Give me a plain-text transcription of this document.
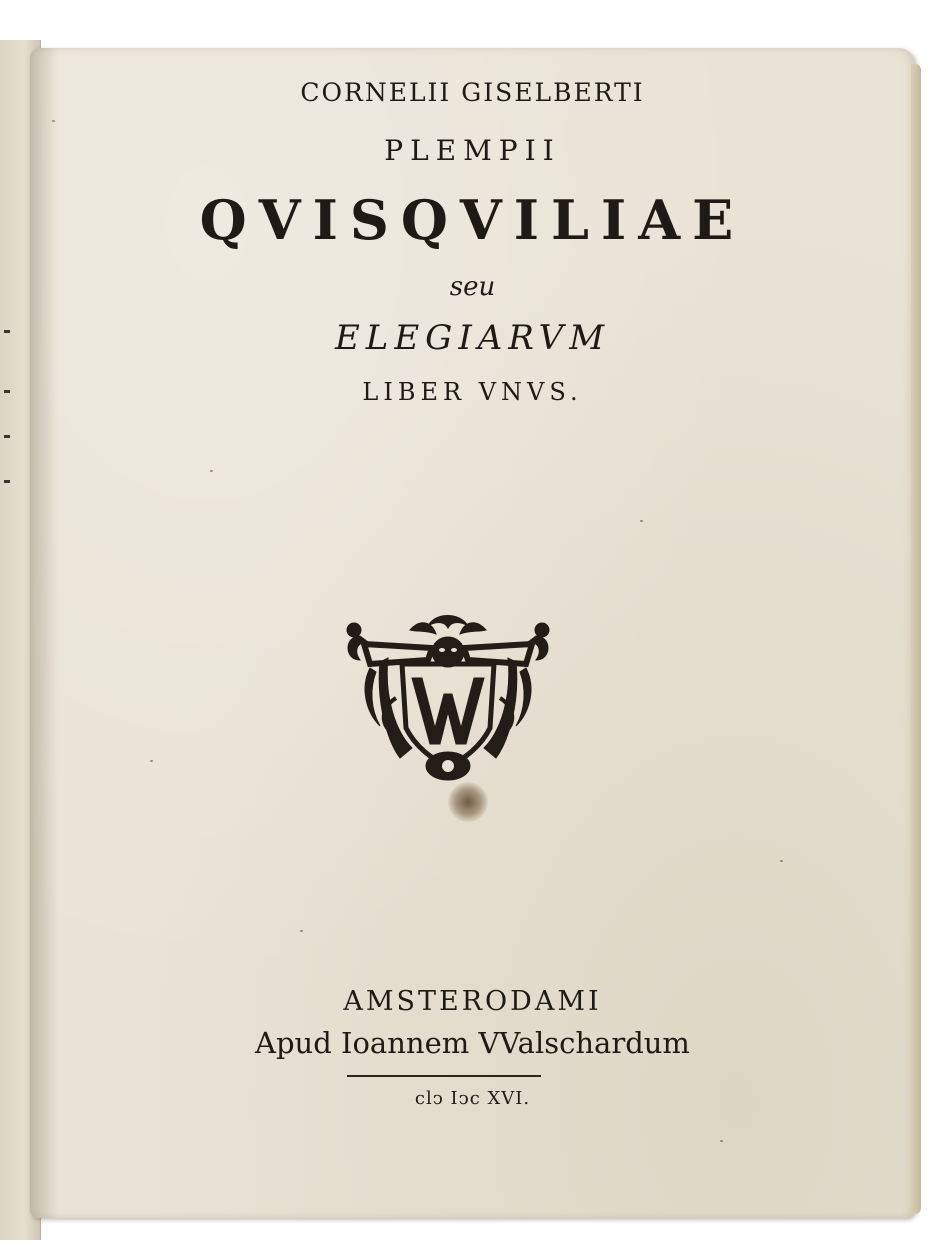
CORNELII GISELBERTI
PLEMPII
QVISQVILIAE
seu
ELEGIARVM
LIBER VNVS.
AMSTERODAMI
Apud Ioannem VValschardum
clↄ Iↄc XVI.
